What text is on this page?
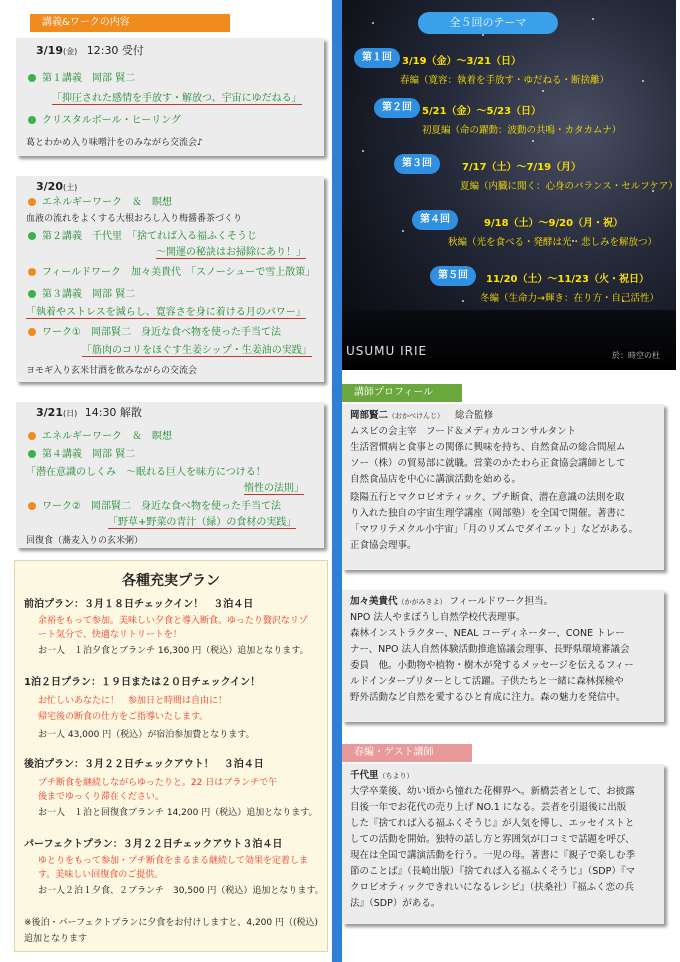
講義&ワークの内容
3/19(金) 12:30 受付
第１講義　岡部 賢二
「抑圧された感情を手放す・解放つ、宇宙にゆだねる」
クリスタルボール・ヒーリング
葛とわかめ入り味噌汁をのみながら交流会♪
3/20(土)
エネルギーワーク　＆　瞑想
血液の流れをよくする大根おろし入り梅醤番茶づくり
第２講義　千代里　「捨てれば入る福ふくそうじ
～開運の秘訣はお掃除にあり！」
フィールドワーク　加々美貴代　「スノーシューで雪上散策」
第３講義　岡部 賢二
「執着やストレスを減らし、寛容さを身に着ける月のパワー」
ワーク①　岡部賢二　身近な食べ物を使った手当て法
「筋肉のコリをほぐす生姜シップ・生姜油の実践」
ヨモギ入り玄米甘酒を飲みながらの交流会
3/21(日) 14:30 解散
エネルギーワーク　＆　瞑想
第４講義　岡部 賢二
「潜在意識のしくみ　～眠れる巨人を味方につける！
惰性の法則」
ワーク②　岡部賢二　身近な食べ物を使った手当て法
「野草+野菜の青汁（緑）の食材の実践」
回復食（蕎麦入りの玄米粥）
各種充実プラン
前泊プラン：３月１８日チェックイン！　３泊４日
余裕をもって参加。美味しい夕食と導入断食。ゆったり贅沢なリゾ
ート気分で、快適なリトリートを！
お一人　１泊夕食とブランチ 16,300 円（税込）追加となります。
1泊２日プラン：１９日または２０日チェックイン！
お忙しいあなたに！　参加日と時間は自由に！
帰宅後の断食の仕方をご指導いたします。
お一人 43,000 円（税込）が宿泊参加費となります。
後泊プラン：３月２２日チェックアウト！　３泊４日
プチ断食を継続しながらゆったりと。22 日はブランチで午
後までゆっくり滞在ください。
お一人　１泊と回復食ブランチ 14,200 円（税込）追加となります。
パーフェクトプラン：３月２２日チェックアウト３泊４日
ゆとりをもって参加・プチ断食をまるまる継続して効果を定着しま
す。美味しい回復食のご提供。
お一人２泊１夕食、２ブランチ　30,500 円（税込）追加となります。
※後泊・パーフェクトプランに夕食をお付けしますと、4,200 円（(税込)
追加となります
全５回のテーマ
第１回	3/19（金）～3/21（日）
春編（寛容：執着を手放す・ゆだねる・断捨離）
第２回	5/21（金）～5/23（日）
初夏編（命の躍動：波動の共鳴・カタカムナ）
第３回	7/17（土）～7/19（月）
夏編（内臓に聞く：心身のバランス・セルフケア）
第４回	9/18（土）～9/20（月・祝）
秋編（光を食べる・発酵は光・悲しみを解放つ）
第５回	11/20（土）～11/23（火・祝日）
冬編（生命力→輝き：在り方・自己活性）
USUMU IRIE	於：時空の杜
講師プロフィール
岡部賢二（おかべけんじ） 総合監修
ムスビの会主宰　フード＆メディカルコンサルタント
生活習慣病と食事との関係に興味を持ち、自然食品の総合問屋ム
ソー（株）の貿易部に就職。営業のかたわら正食協会講師として
自然食品店を中心に講演活動を始める。
陰陽五行とマクロビオティック、プチ断食、潜在意識の法則を取
り入れた独自の宇宙生理学講座（岡部塾）を全国で開催。著書に
「マワリテメクル小宇宙」「月のリズムでダイエット」などがある。
正食協会理事。
加々美貴代（かがみきよ） フィールドワーク担当。
NPO 法人やまぼうし自然学校代表理事。
森林インストラクター、NEAL コーディネーター、CONE トレー
ナー、NPO 法人自然体験活動推進協議会理事、長野県環境審議会
委員　他。小動物や植物・樹木が発するメッセージを伝えるフィー
ルドインタープリターとして活躍。子供たちと一緒に森林探検や
野外活動など自然を愛するひと育成に注力。森の魅力を発信中。
春編・ゲスト講師
千代里（ちより）
大学卒業後、幼い頃から憧れた花柳界へ。新橋芸者として、お披露
目後一年でお花代の売り上げ NO.1 になる。芸者を引退後に出版
した『捨てれば入る福ふくそうじ』が人気を博し、エッセイストと
しての活動を開始。独特の話し方と雰囲気が口コミで話題を呼び、
現在は全国で講演活動を行う。一児の母。著書に『親子で楽しむ季
節のことば』（長崎出版）『捨てれば入る福ふくそうじ』（SDP）『マ
クロビオティックできれいになるレシピ』（扶桑社）『福ふく恋の兵
法』（SDP）がある。
